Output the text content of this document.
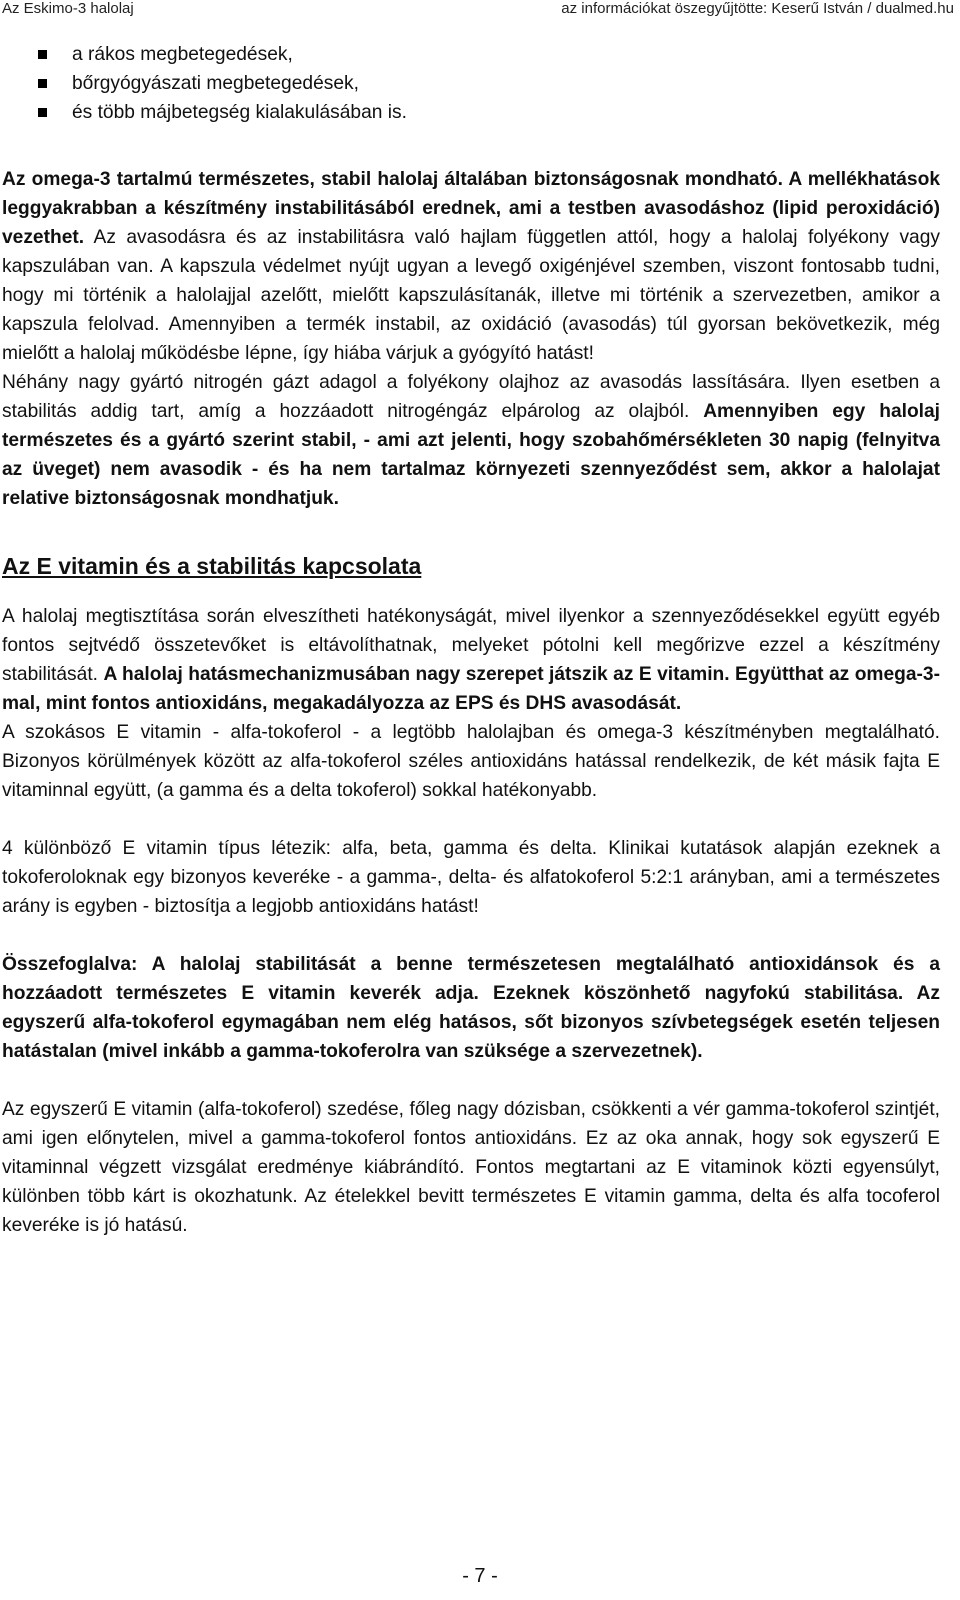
Az Eskimo-3 halolaj	az információkat öszegyűjtötte: Keserű István / dualmed.hu
a rákos megbetegedések,
bőrgyógyászati megbetegedések,
és több májbetegség kialakulásában is.

Az omega-3 tartalmú természetes, stabil halolaj általában biztonságosnak mondható. A mellékhatások leggyakrabban a készítmény instabilitásából erednek, ami a testben avasodáshoz (lipid peroxidáció) vezethet. Az avasodásra és az instabilitásra való hajlam független attól, hogy a halolaj folyékony vagy kapszulában van. A kapszula védelmet nyújt ugyan a levegő oxigénjével szemben, viszont fontosabb tudni, hogy mi történik a halolajjal azelőtt, mielőtt kapszulásítanák, illetve mi történik a szervezetben, amikor a kapszula felolvad. Amennyiben a termék instabil, az oxidáció (avasodás) túl gyorsan bekövetkezik, még mielőtt a halolaj működésbe lépne, így hiába várjuk a gyógyító hatást!

Néhány nagy gyártó nitrogén gázt adagol a folyékony olajhoz az avasodás lassítására. Ilyen esetben a stabilitás addig tart, amíg a hozzáadott nitrogéngáz elpárolog az olajból. Amennyiben egy halolaj természetes és a gyártó szerint stabil, - ami azt jelenti, hogy szobahőmérsékleten 30 napig (felnyitva az üveget) nem avasodik - és ha nem tartalmaz környezeti szennyeződést sem, akkor a halolajat relative biztonságosnak mondhatjuk.

Az E vitamin és a stabilitás kapcsolata

A halolaj megtisztítása során elveszítheti hatékonyságát, mivel ilyenkor a szennyeződésekkel együtt egyéb fontos sejtvédő összetevőket is eltávolíthatnak, melyeket pótolni kell megőrizve ezzel a készítmény stabilitását. A halolaj hatásmechanizmusában nagy szerepet játszik az E vitamin. Együtthat az omega-3-mal, mint fontos antioxidáns, megakadályozza az EPS és DHS avasodását.

A szokásos E vitamin - alfa-tokoferol - a legtöbb halolajban és omega-3 készítményben megtalálható. Bizonyos körülmények között az alfa-tokoferol széles antioxidáns hatással rendelkezik, de két másik fajta E vitaminnal együtt, (a gamma és a delta tokoferol) sokkal hatékonyabb.

4 különböző E vitamin típus létezik: alfa, beta, gamma és delta. Klinikai kutatások alapján ezeknek a tokoferoloknak egy bizonyos keveréke - a gamma-, delta- és alfatokoferol 5:2:1 arányban, ami a természetes arány is egyben - biztosítja a legjobb antioxidáns hatást!

Összefoglalva: A halolaj stabilitását a benne természetesen megtalálható antioxidánsok és a hozzáadott természetes E vitamin keverék adja. Ezeknek köszönhető nagyfokú stabilitása. Az egyszerű alfa-tokoferol egymagában nem elég hatásos, sőt bizonyos szívbetegségek esetén teljesen hatástalan (mivel inkább a gamma-tokoferolra van szüksége a szervezetnek).

Az egyszerű E vitamin (alfa-tokoferol) szedése, főleg nagy dózisban, csökkenti a vér gamma-tokoferol szintjét, ami igen előnytelen, mivel a gamma-tokoferol fontos antioxidáns. Ez az oka annak, hogy sok egyszerű E vitaminnal végzett vizsgálat eredménye kiábrándító. Fontos megtartani az E vitaminok közti egyensúlyt, különben több kárt is okozhatunk. Az ételekkel bevitt természetes E vitamin gamma, delta és alfa tocoferol keveréke is jó hatású.

- 7 -
